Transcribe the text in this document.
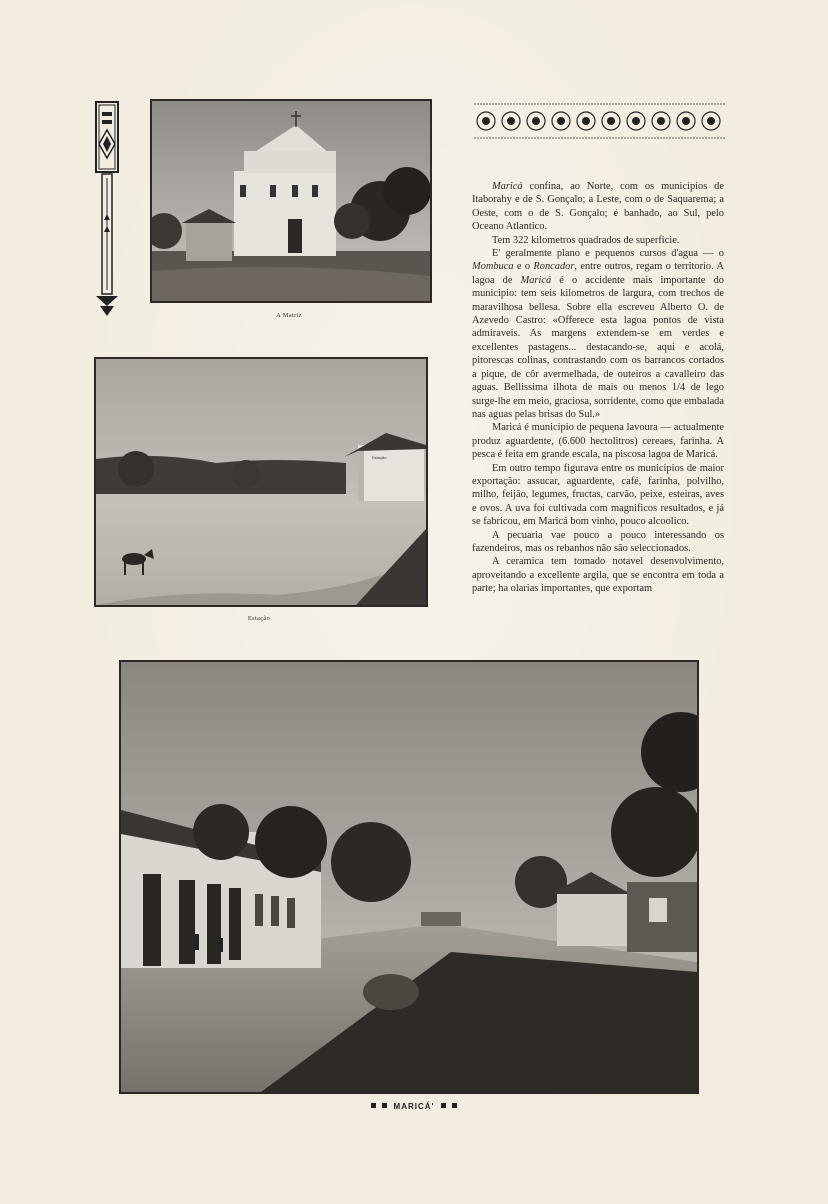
A Matriz
Estação
Estação

Maricá confina, ao Norte, com os municipios de Itaborahy e de S. Gonçalo; a Leste, com o de Saquarema; a Oeste, com o de S. Gonçalo; é banhado, ao Sul, pelo Oceano Atlantico.

Tem 322 kilometros quadrados de superficie.

E' geralmente plano e pequenos cursos d'agua — o Mombuca e o Roncador, entre outros, regam o territorio. A lagoa de Maricá é o accidente mais importante do municipio: tem seis kilometros de largura, com trechos de maravilhosa bellesa. Sobre ella escreveu Alberto O. de Azevedo Castro: «Offerece esta lagoa pontos de vista admiraveis. As margens extendem-se em verdes e excellentes pastagens... destacando-se, aqui e acolá, pitorescas colinas, contrastando com os barrancos cortados a pique, de côr avermelhada, de outeiros a cavalleiro das aguas. Bellissima ilhota de mais ou menos 1/4 de lego surge-lhe em meio, graciosa, sorridente, como que embalada nas aguas pelas brisas do Sul.»

Maricá é municipio de pequena lavoura — actualmente produz aguardente, (6.600 hectolitros) cereaes, farinha. A pesca é feita em grande escala, na piscosa lagoa de Maricá.

Em outro tempo figurava entre os municipios de maior exportação: assucar, aguardente, café, farinha, polvilho, milho, feijão, legumes, fructas, carvão, peixe, esteiras, aves e ovos. A uva foi cultivada com magnificos resultados, e já se fabricou, em Maricá bom vinho, pouco alcoolico.

A pecuaria vae pouco a pouco interessando os fazendeiros, mas os rebanhos não são seleccionados.

A ceramica tem tomado notavel desenvolvimento, aproveitando a excellente argila, que se encontra em toda a parte; ha olarias importantes, que exportam

MARICÁ'
